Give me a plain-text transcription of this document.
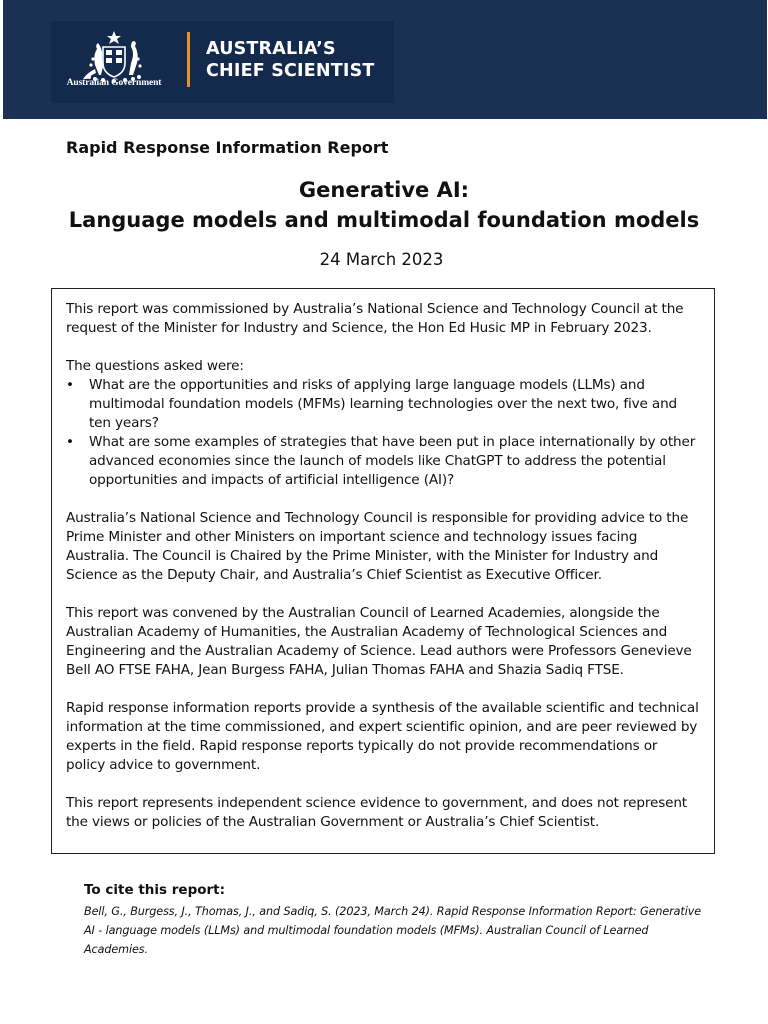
Australian Government
AUSTRALIA’S
CHIEF SCIENTIST
Rapid Response Information Report
Generative AI:
Language models and multimodal foundation models
24 March 2023

This report was commissioned by Australia’s National Science and Technology Council at the request of the Minister for Industry and Science, the Hon Ed Husic MP in February 2023.

The questions asked were:

• What are the opportunities and risks of applying large language models (LLMs) and multimodal foundation models (MFMs) learning technologies over the next two, five and ten years?
• What are some examples of strategies that have been put in place internationally by other advanced economies since the launch of models like ChatGPT to address the potential opportunities and impacts of artificial intelligence (AI)?

Australia’s National Science and Technology Council is responsible for providing advice to the Prime Minister and other Ministers on important science and technology issues facing Australia. The Council is Chaired by the Prime Minister, with the Minister for Industry and Science as the Deputy Chair, and Australia’s Chief Scientist as Executive Officer.

This report was convened by the Australian Council of Learned Academies, alongside the Australian Academy of Humanities, the Australian Academy of Technological Sciences and Engineering and the Australian Academy of Science. Lead authors were Professors Genevieve Bell AO FTSE FAHA, Jean Burgess FAHA, Julian Thomas FAHA and Shazia Sadiq FTSE.

Rapid response information reports provide a synthesis of the available scientific and technical information at the time commissioned, and expert scientific opinion, and are peer reviewed by experts in the field. Rapid response reports typically do not provide recommendations or policy advice to government.

This report represents independent science evidence to government, and does not represent the views or policies of the Australian Government or Australia’s Chief Scientist.

To cite this report:
Bell, G., Burgess, J., Thomas, J., and Sadiq, S. (2023, March 24). Rapid Response Information Report: Generative AI - language models (LLMs) and multimodal foundation models (MFMs). Australian Council of Learned Academies.
